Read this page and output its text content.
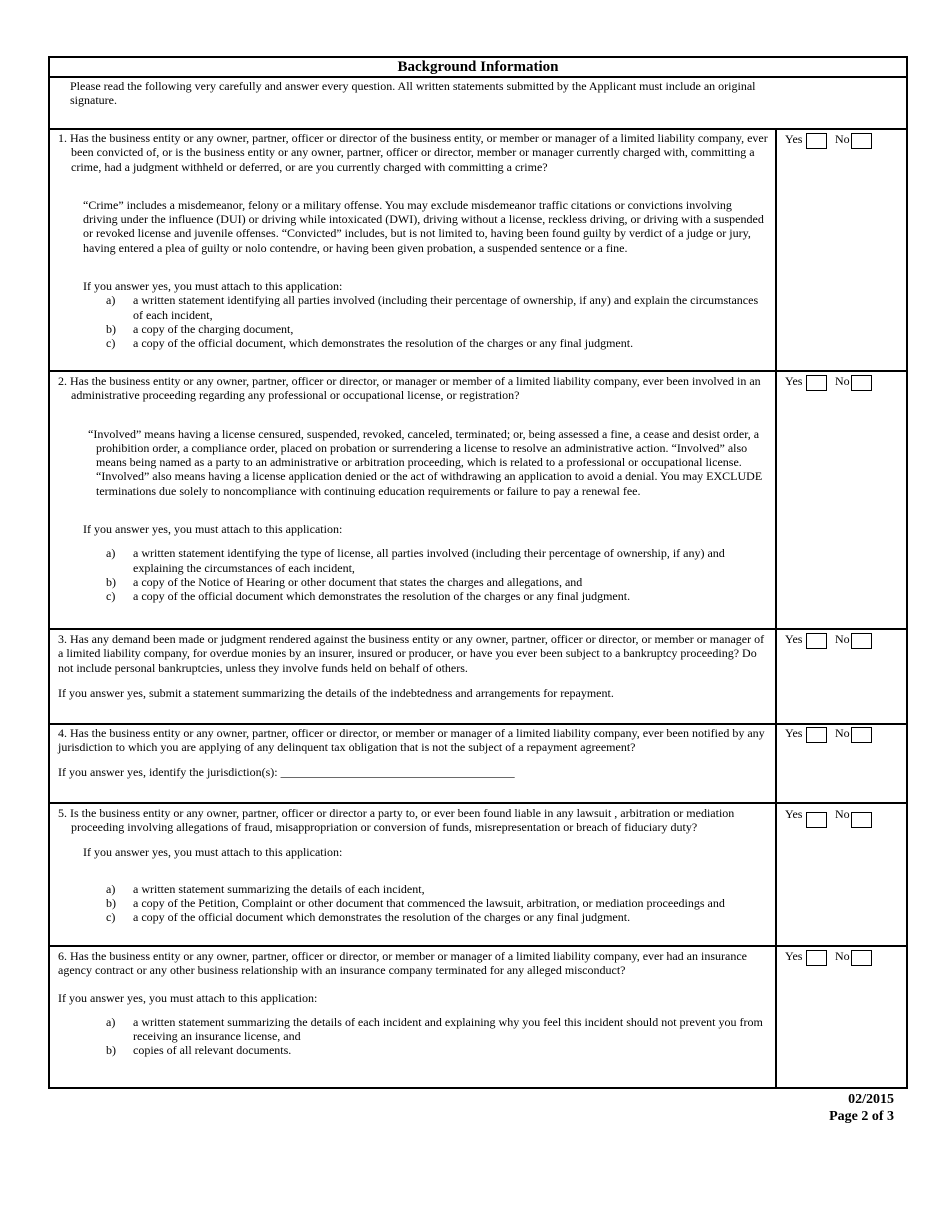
Background Information
Please read the following very carefully and answer every question. All written statements submitted by the Applicant must include an original signature.

1. Has the business entity or any owner, partner, officer or director of the business entity, or member or manager of a limited liability company, ever been convicted of, or is the business entity or any owner, partner, officer or director, member or manager currently charged with, committing a crime, had a judgment withheld or deferred, or are you currently charged with committing a crime?

“Crime” includes a misdemeanor, felony or a military offense. You may exclude misdemeanor traffic citations or convictions involving driving under the influence (DUI) or driving while intoxicated (DWI), driving without a license, reckless driving, or driving with a suspended or revoked license and juvenile offenses. “Convicted” includes, but is not limited to, having been found guilty by verdict of a judge or jury, having entered a plea of guilty or nolo contendre, or having been given probation, a suspended sentence or a fine.

If you answer yes, you must attach to this application:

a)	a written statement identifying all parties involved (including their percentage of ownership, if any) and explain the circumstances of each incident,
b)	a copy of the charging document,
c)	a copy of the official document, which demonstrates the resolution of the charges or any final judgment.
Yes	No

2. Has the business entity or any owner, partner, officer or director, or manager or member of a limited liability company, ever been involved in an administrative proceeding regarding any professional or occupational license, or registration?

“Involved” means having a license censured, suspended, revoked, canceled, terminated; or, being assessed a fine, a cease and desist order, a prohibition order, a compliance order, placed on probation or surrendering a license to resolve an administrative action. “Involved” also means being named as a party to an administrative or arbitration proceeding, which is related to a professional or occupational license. “Involved” also means having a license application denied or the act of withdrawing an application to avoid a denial. You may EXCLUDE terminations due solely to noncompliance with continuing education requirements or failure to pay a renewal fee.

If you answer yes, you must attach to this application:

a)	a written statement identifying the type of license, all parties involved (including their percentage of ownership, if any) and explaining the circumstances of each incident,
b)	a copy of the Notice of Hearing or other document that states the charges and allegations, and
c)	a copy of the official document which demonstrates the resolution of the charges or any final judgment.
Yes	No

3. Has any demand been made or judgment rendered against the business entity or any owner, partner, officer or director, or member or manager of a limited liability company, for overdue monies by an insurer, insured or producer, or have you ever been subject to a bankruptcy proceeding? Do not include personal bankruptcies, unless they involve funds held on behalf of others.

If you answer yes, submit a statement summarizing the details of the indebtedness and arrangements for repayment.

Yes	No

4. Has the business entity or any owner, partner, officer or director, or member or manager of a limited liability company, ever been notified by any jurisdiction to which you are applying of any delinquent tax obligation that is not the subject of a repayment agreement?

If you answer yes, identify the jurisdiction(s): _______________________________________

Yes	No

5. Is the business entity or any owner, partner, officer or director a party to, or ever been found liable in any lawsuit , arbitration or mediation proceeding involving allegations of fraud, misappropriation or conversion of funds, misrepresentation or breach of fiduciary duty?

If you answer yes, you must attach to this application:

a)	a written statement summarizing the details of each incident,
b)	a copy of the Petition, Complaint or other document that commenced the lawsuit, arbitration, or mediation proceedings and
c)	a copy of the official document which demonstrates the resolution of the charges or any final judgment.
Yes	No

6. Has the business entity or any owner, partner, officer or director, or member or manager of a limited liability company, ever had an insurance agency contract or any other business relationship with an insurance company terminated for any alleged misconduct?

If you answer yes, you must attach to this application:

a)	a written statement summarizing the details of each incident and explaining why you feel this incident should not prevent you from receiving an insurance license, and
b)	copies of all relevant documents.
Yes	No
02/2015
Page 2 of 3
